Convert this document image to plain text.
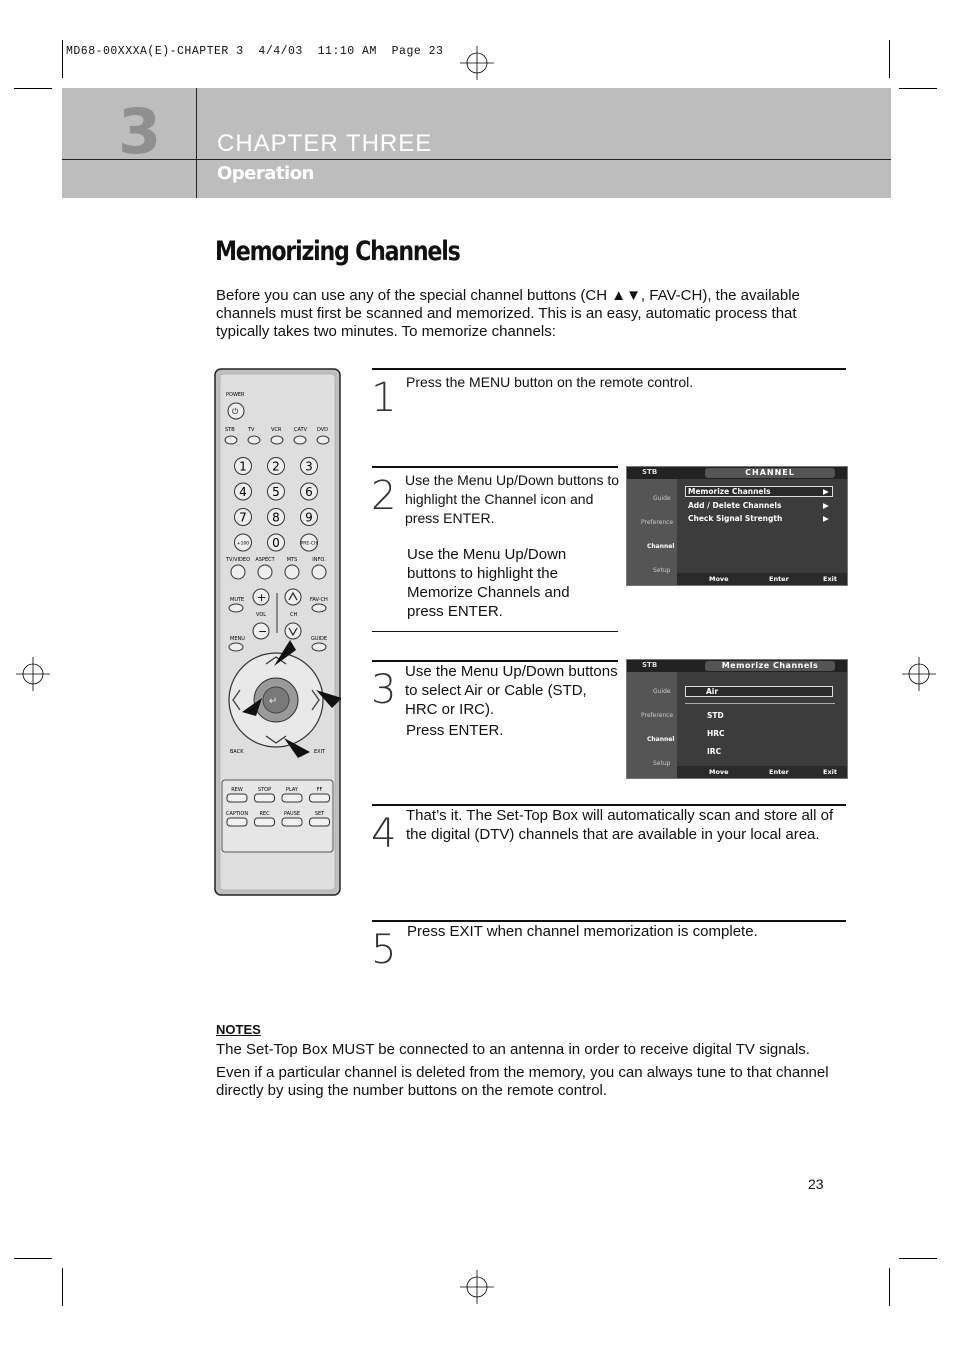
MD68-00XXXA(E)-CHAPTER 3  4/4/03  11:10 AM  Page 23
3 CHAPTER THREE
Operation
Memorizing Channels
Before you can use any of the special channel buttons (CH ▲▼, FAV-CH), the available channels must first be scanned and memorized. This is an easy, automatic process that typically takes two minutes. To memorize channels:
POWER
⏻
STB	TV	VCR	CATV DVD
1 2 3
4 5 6
7 8 9
+100 0	PRE-CH
TV/VIDEO ASPECT MTS	INFO.
MUTE +
VOL
−
CH
FAV-CH
MENU	GUIDE
↵
BACK	EXIT
REW	STOP	PLAY	FF
CAPTION REC	PAUSE	SET
1 Press the MENU button on the remote control.
2 Use the Menu Up/Down buttons to highlight the Channel icon and press ENTER.
Use the Menu Up/Down buttons to highlight the Memorize Channels and press ENTER.
3 Use the Menu Up/Down buttons to select Air or Cable (STD, HRC or IRC).
Press ENTER.
4 That’s it. The Set-Top Box will automatically scan and store all of the digital (DTV) channels that are available in your local area.
5 Press EXIT when channel memorization is complete.
STB	CHANNEL
Guide
Preference
Channel
Setup
Memorize Channels
Add / Delete Channels
Check Signal Strength
▶
▶
▶
Move	Enter	Exit
STB	Memorize Channels
Guide
Preference
Channel
Setup
Air
STD
HRC
IRC
Move	Enter	Exit
NOTES
The Set-Top Box MUST be connected to an antenna in order to receive digital TV signals.
Even if a particular channel is deleted from the memory, you can always tune to that channel directly by using the number buttons on the remote control.
23
